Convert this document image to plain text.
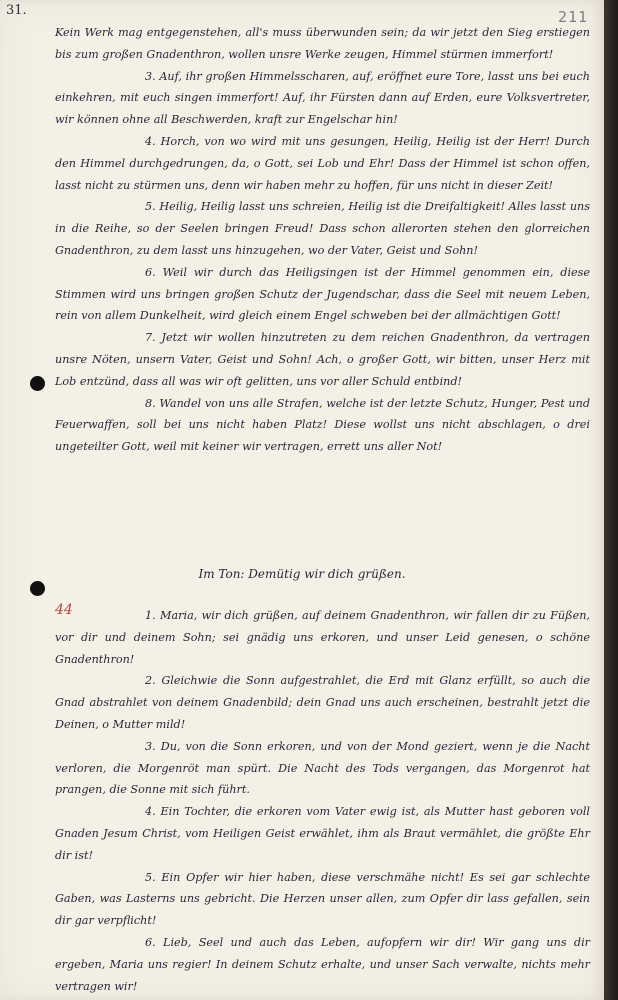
31.	211

Kein Werk mag entgegenstehen, all's muss überwunden sein; da wir jetzt den Sieg erstiegen bis zum großen Gnadenthron, wollen unsre Werke zeugen, Himmel stürmen immerfort!

3. Auf, ihr großen Himmelsscharen, auf, eröffnet eure Tore, lasst uns bei euch einkehren, mit euch singen immerfort! Auf, ihr Fürsten dann auf Erden, eure Volksvertreter, wir können ohne all Beschwerden, kraft zur Engelschar hin!

4. Horch, von wo wird mit uns gesungen, Heilig, Heilig ist der Herr! Durch den Himmel durchgedrungen, da, o Gott, sei Lob und Ehr! Dass der Himmel ist schon offen, lasst nicht zu stürmen uns, denn wir haben mehr zu hoffen, für uns nicht in dieser Zeit!

5. Heilig, Heilig lasst uns schreien, Heilig ist die Dreifaltigkeit! Alles lasst uns in die Reihe, so der Seelen bringen Freud! Dass schon allerorten stehen den glorreichen Gnadenthron, zu dem lasst uns hinzugehen, wo der Vater, Geist und Sohn!

6. Weil wir durch das Heiligsingen ist der Himmel genommen ein, diese Stimmen wird uns bringen großen Schutz der Jugendschar, dass die Seel mit neuem Leben, rein von allem Dunkelheit, wird gleich einem Engel schweben bei der allmächtigen Gott!

7. Jetzt wir wollen hinzutreten zu dem reichen Gnadenthron, da vertragen unsre Nöten, unsern Vater, Geist und Sohn! Ach, o großer Gott, wir bitten, unser Herz mit Lob entzünd, dass all was wir oft gelitten, uns vor aller Schuld entbind!

8. Wandel von uns alle Strafen, welche ist der letzte Schutz, Hunger, Pest und Feuerwaffen, soll bei uns nicht haben Platz! Diese wollst uns nicht abschlagen, o drei ungeteilter Gott, weil mit keiner wir vertragen, errett uns aller Not!

Im Ton: Demütig wir dich grüßen.
44	1. Maria, wir dich grüßen, auf deinem Gnadenthron, wir fallen dir zu Füßen, vor dir und deinem Sohn; sei gnädig uns erkoren, und unser Leid genesen, o schöne Gnadenthron!

2. Gleichwie die Sonn aufgestrahlet, die Erd mit Glanz erfüllt, so auch die Gnad abstrahlet von deinem Gnadenbild; dein Gnad uns auch erscheinen, bestrahlt jetzt die Deinen, o Mutter mild!

3. Du, von die Sonn erkoren, und von der Mond geziert, wenn je die Nacht verloren, die Morgenröt man spürt. Die Nacht des Tods vergangen, das Morgenrot hat prangen, die Sonne mit sich führt.

4. Ein Tochter, die erkoren vom Vater ewig ist, als Mutter hast geboren voll Gnaden Jesum Christ, vom Heiligen Geist erwählet, ihm als Braut vermählet, die größte Ehr dir ist!

5. Ein Opfer wir hier haben, diese verschmähe nicht! Es sei gar schlechte Gaben, was Lasterns uns gebricht. Die Herzen unser allen, zum Opfer dir lass gefallen, sein dir gar verpflicht!

6. Lieb, Seel und auch das Leben, aufopfern wir dir! Wir gang uns dir ergeben, Maria uns regier! In deinem Schutz erhalte, und unser Sach verwalte, nichts mehr vertragen wir!
